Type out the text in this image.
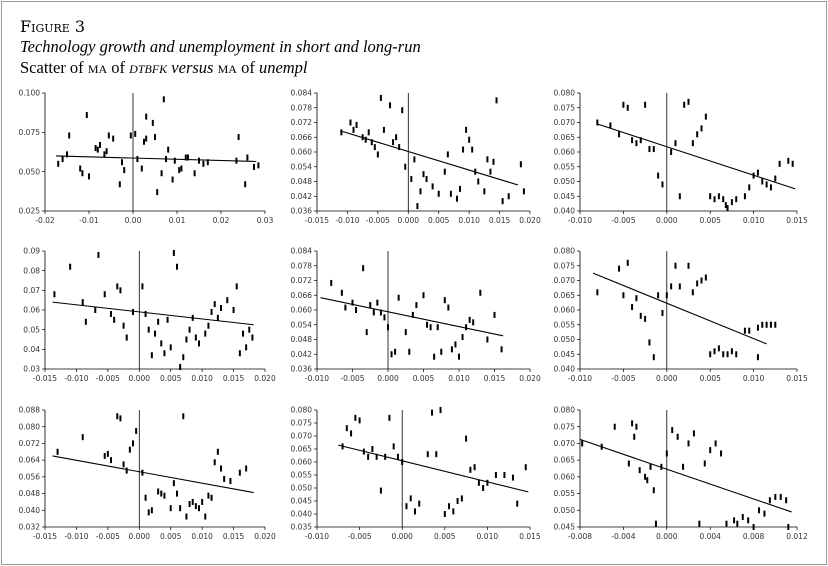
Figure 3
Technology growth and unemployment in short and long-run
Scatter of ma of dtbfk versus ma of unempl
-0.02	-0.01	0.00	0.01	0.02	0.03
0.025
0.050
0.075
0.100
-0.015 -0.010 -0.005 0.000 0.005 0.010 0.015 0.020
0.036
0.042
0.048
0.054
0.060
0.066
0.072
0.078
0.084
-0.010	-0.005	0.000	0.005	0.010	0.015
0.040
0.045
0.050
0.055
0.060
0.065
0.070
0.075
0.080
-0.015 -0.010 -0.005 0.000 0.005 0.010 0.015 0.020
0.03
0.04
0.05
0.06
0.07
0.08
0.09
-0.010 -0.005 0.000 0.005 0.010 0.015 0.020
0.036
0.042
0.048
0.054
0.060
0.066
0.072
0.078
0.084
-0.010	-0.005	0.000	0.005	0.010	0.015
0.040
0.045
0.050
0.055
0.060
0.065
0.070
0.075
0.080
-0.015 -0.010 -0.005 0.000 0.005 0.010 0.015 0.020
0.032
0.040
0.048
0.056
0.064
0.072
0.080
0.088
-0.010 -0.005	0.000	0.005	0.010	0.015
0.035
0.040
0.045
0.050
0.055
0.060
0.065
0.070
0.075
0.080
-0.008	-0.004	0.000	0.004	0.008	0.012
0.045
0.050
0.055
0.060
0.065
0.070
0.075
0.080
